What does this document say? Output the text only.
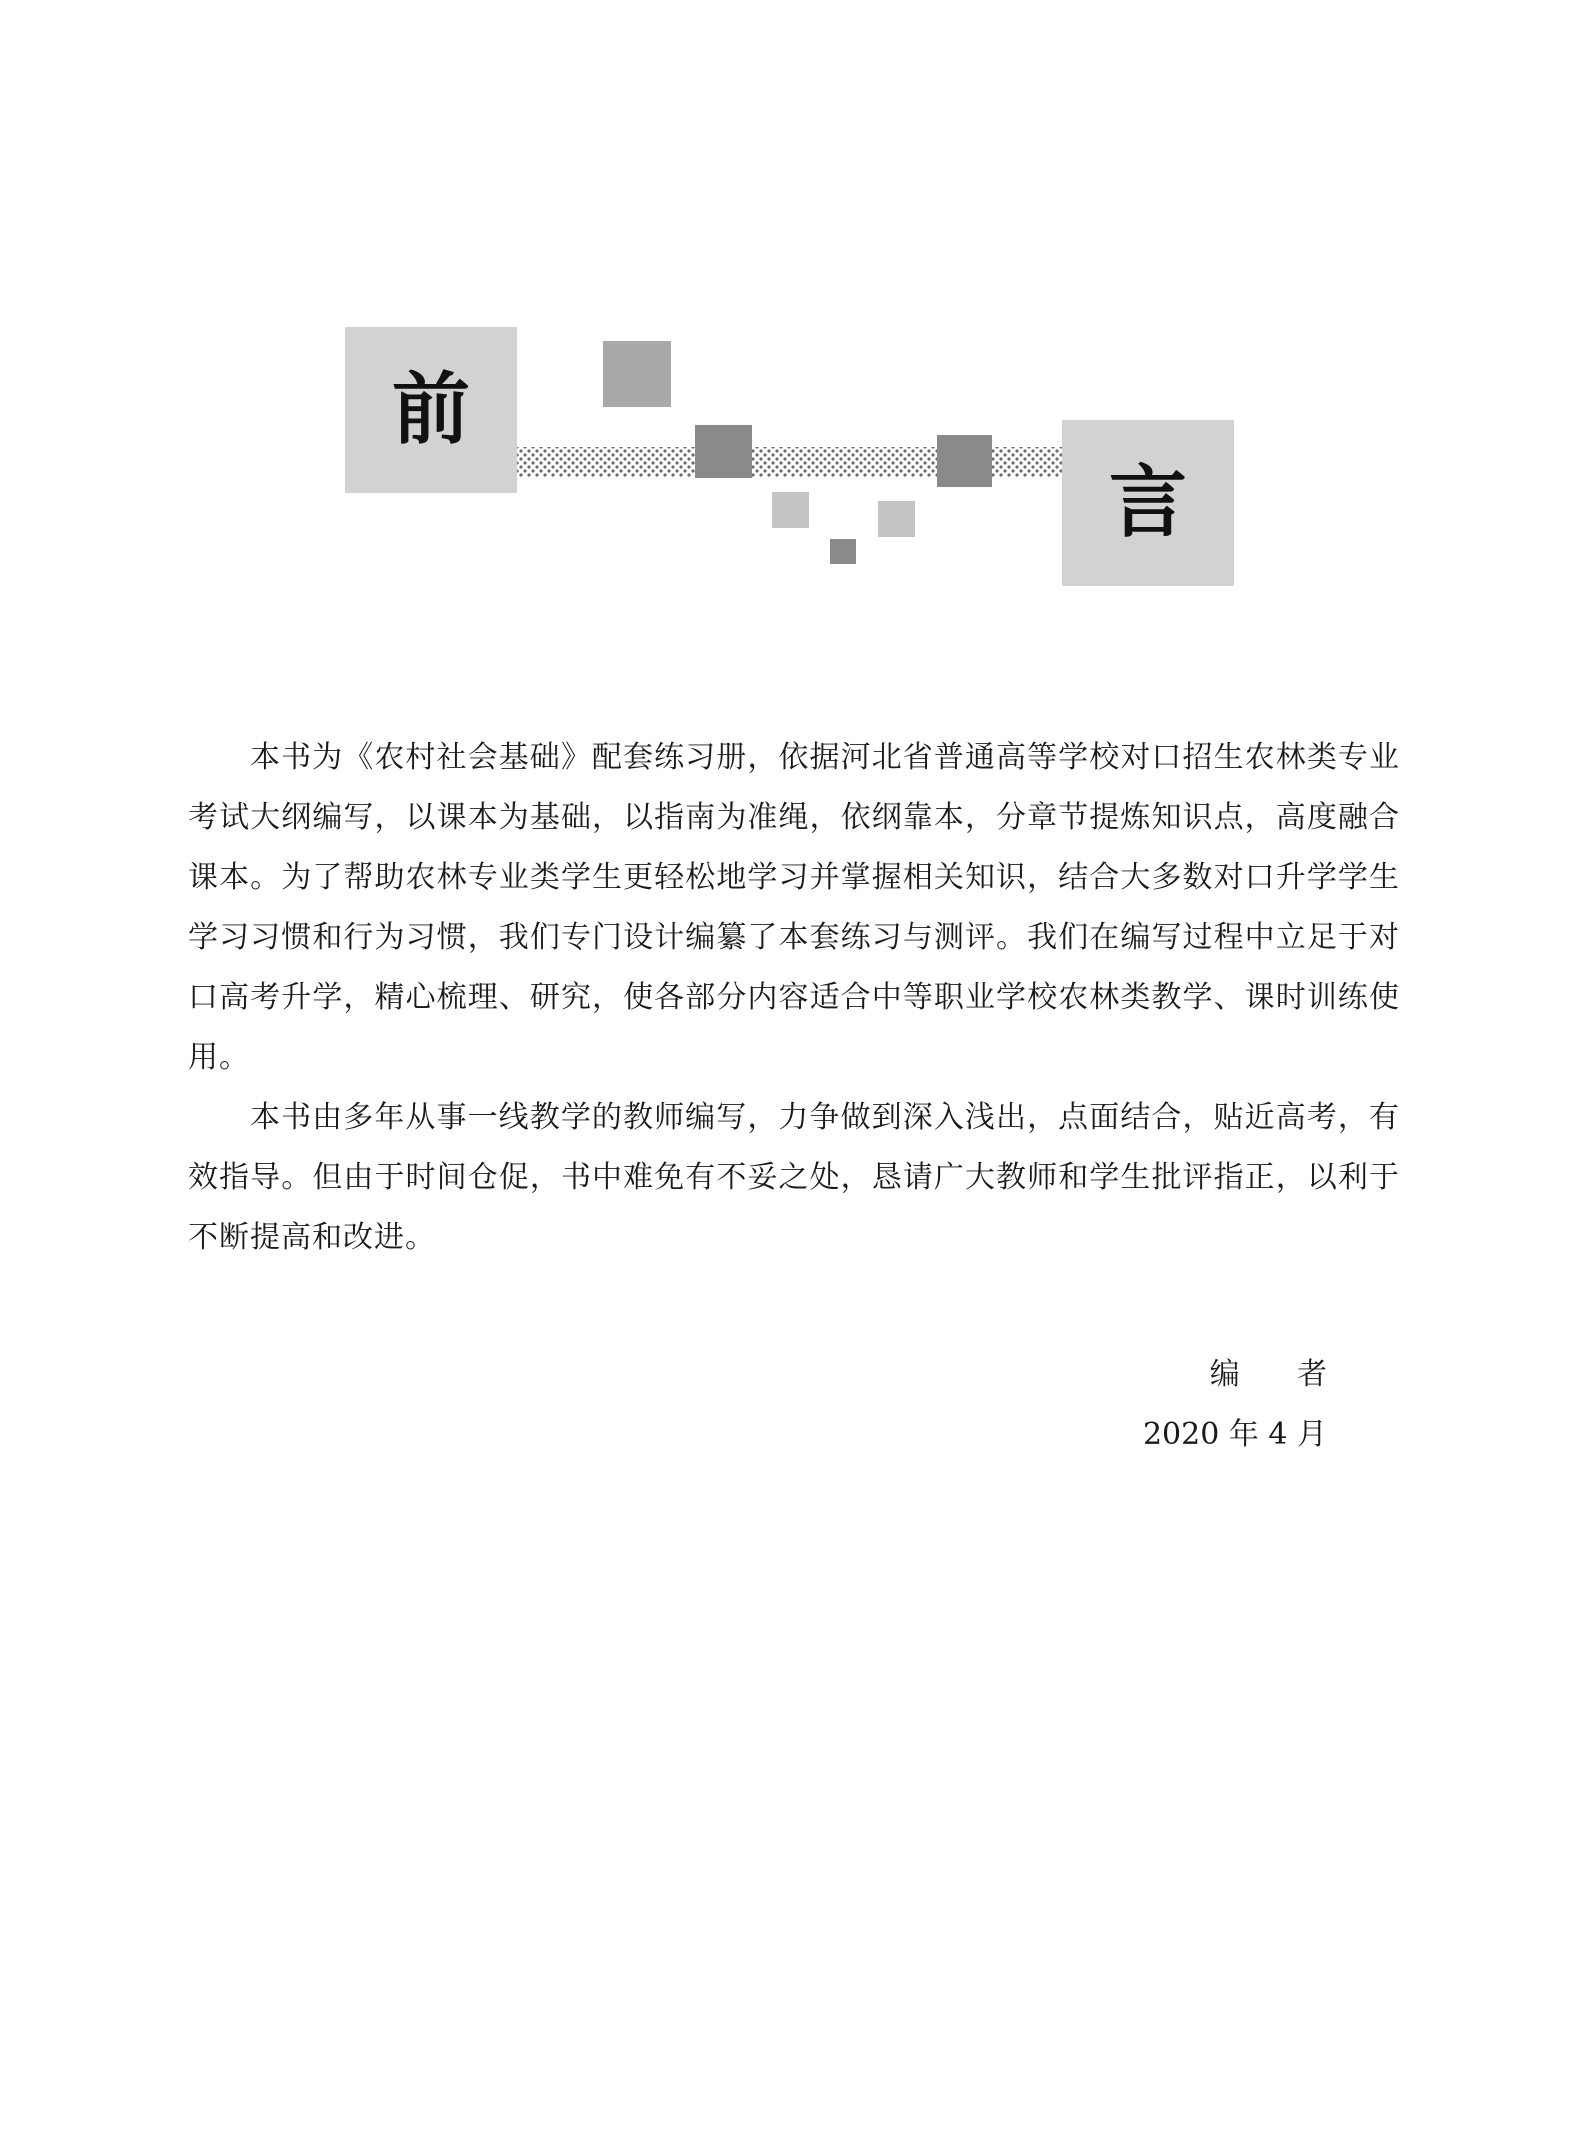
前
言

本书为《农村社会基础》配套练习册，依据河北省普通高等学校对口招生农林类专业考试大纲编写，以课本为基础，以指南为准绳，依纲靠本，分章节提炼知识点，高度融合课本。为了帮助农林专业类学生更轻松地学习并掌握相关知识，结合大多数对口升学学生学习习惯和行为习惯，我们专门设计编纂了本套练习与测评。我们在编写过程中立足于对口高考升学，精心梳理、研究，使各部分内容适合中等职业学校农林类教学、课时训练使用。

本书由多年从事一线教学的教师编写，力争做到深入浅出，点面结合，贴近高考，有效指导。但由于时间仓促，书中难免有不妥之处，恳请广大教师和学生批评指正，以利于不断提高和改进。

编      者
2020 年 4 月
